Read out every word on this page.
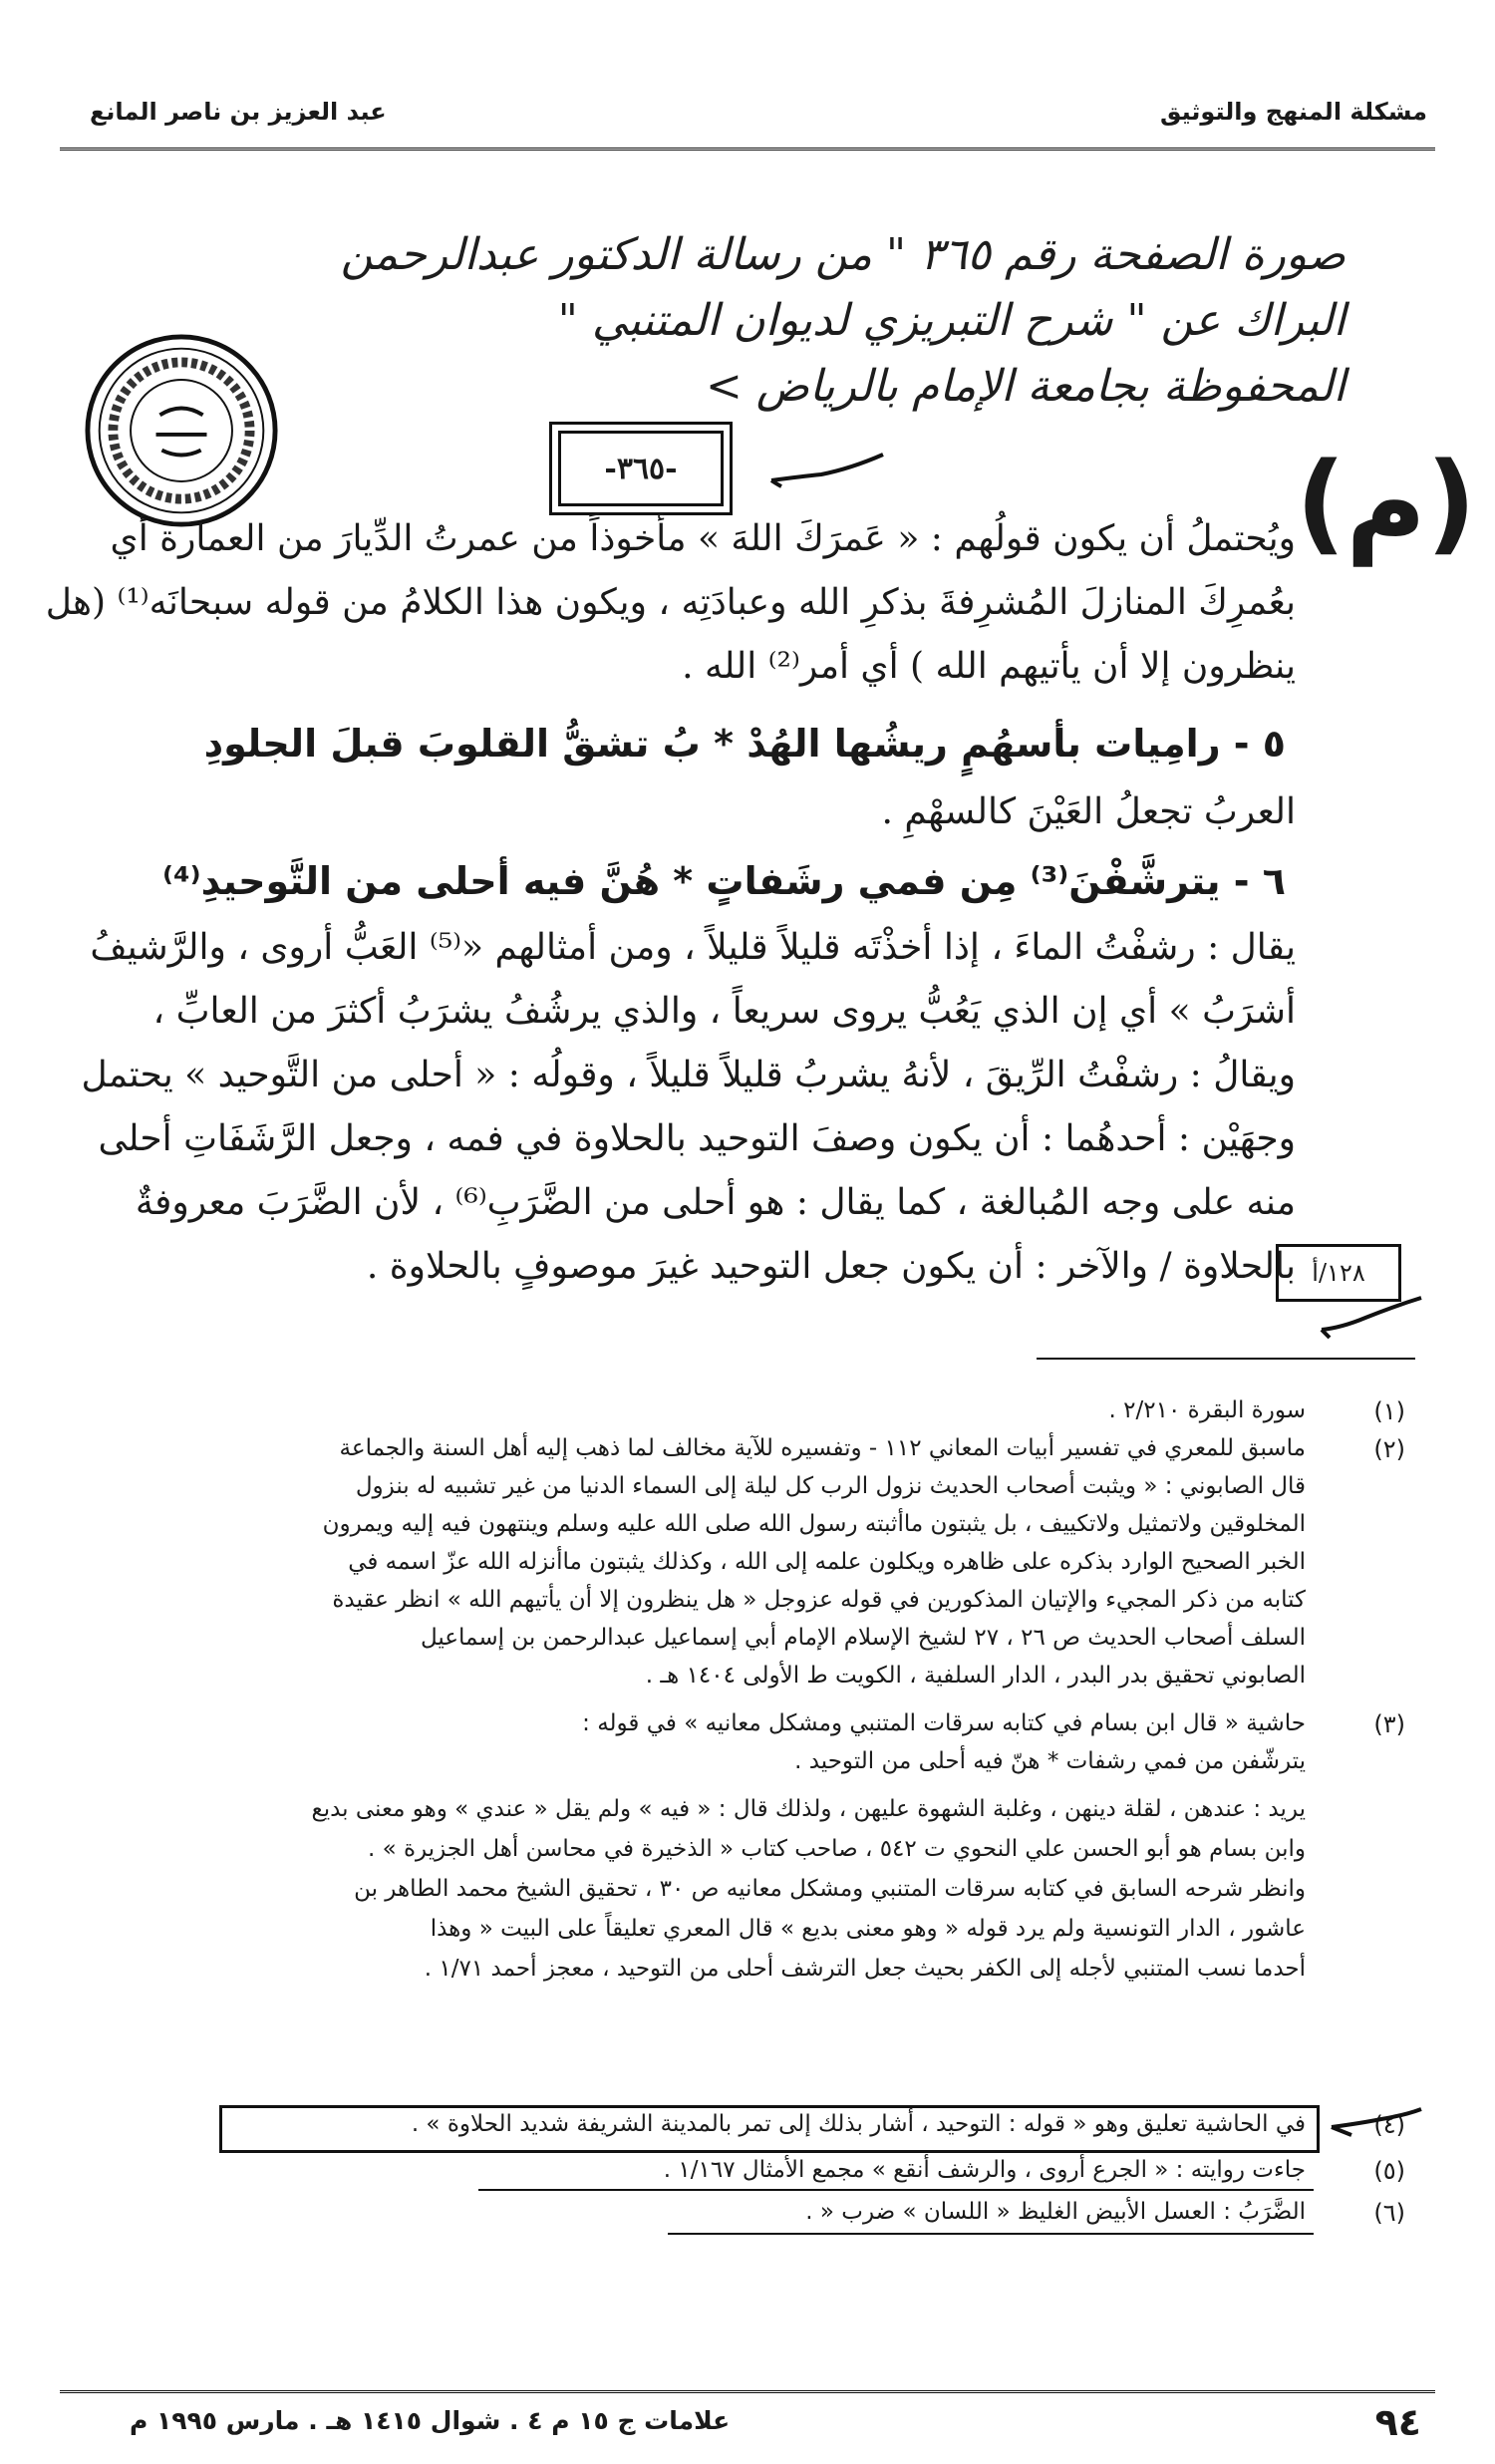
مشكلة المنهج والتوثيق
عبد العزيز بن ناصر المانع
صورة الصفحة رقم ٣٦٥ " من رسالة الدكتور عبدالرحمن
البراك عن " شرح التبريزي لديوان المتنبي "
المحفوظة بجامعة الإمام بالرياض >
(م)
-٣٦٥-
ويُحتملُ أن يكون قولُهم : « عَمرَكَ اللهَ » مأخوذاً من عمرتُ الدِّيارَ من العمارة أي
بعُمرِكَ المنازلَ المُشرِفةَ بذكرِ الله وعبادَتِه ، ويكون هذا الكلامُ من قوله سبحانَه⁽¹⁾ (هل
ينظرون إلا أن يأتيهم الله ) أي أمر⁽²⁾ الله .
٥ - رامِيات بأسهُمٍ ريشُها الهُدْ * بُ تشقُّ القلوبَ قبلَ الجلودِ
العربُ تجعلُ العَيْنَ كالسهْمِ .
٦ - يترشَّفْنَ⁽³⁾ مِن فمي رشَفاتٍ * هُنَّ فيه أحلى من التَّوحيدِ⁽⁴⁾
يقال : رشفْتُ الماءَ ، إذا أخذْتَه قليلاً قليلاً ، ومن أمثالهم «⁽⁵⁾ العَبُّ أروى ، والرَّشيفُ
أشرَبُ » أي إن الذي يَعُبُّ يروى سريعاً ، والذي يرشُفُ يشرَبُ أكثرَ من العابِّ ،
ويقالُ : رشفْتُ الرِّيقَ ، لأنهُ يشربُ قليلاً قليلاً ، وقولُه : « أحلى من التَّوحيد » يحتمل
وجهَيْن : أحدهُما : أن يكون وصفَ التوحيد بالحلاوة في فمه ، وجعل الرَّشَفَاتِ أحلى
منه على وجه المُبالغة ، كما يقال : هو أحلى من الضَّرَبِ⁽⁶⁾ ، لأن الضَّرَبَ معروفةٌ
بالحلاوة / والآخر : أن يكون جعل التوحيد غيرَ موصوفٍ بالحلاوة . ١٢٨/أ
(١)
سورة البقرة ٢/٢١٠ .
(٢)
ماسبق للمعري في تفسير أبيات المعاني ١١٢ - وتفسيره للآية مخالف لما ذهب إليه أهل السنة والجماعة
قال الصابوني : « ويثبت أصحاب الحديث نزول الرب كل ليلة إلى السماء الدنيا من غير تشبيه له بنزول
المخلوقين ولاتمثيل ولاتكييف ، بل يثبتون ماأثبته رسول الله صلى الله عليه وسلم وينتهون فيه إليه ويمرون
الخبر الصحيح الوارد بذكره على ظاهره ويكلون علمه إلى الله ، وكذلك يثبتون ماأنزله الله عزّ اسمه في
كتابه من ذكر المجيء والإتيان المذكورين في قوله عزوجل « هل ينظرون إلا أن يأتيهم الله » انظر عقيدة
السلف أصحاب الحديث ص ٢٦ ، ٢٧ لشيخ الإسلام الإمام أبي إسماعيل عبدالرحمن بن إسماعيل
الصابوني تحقيق بدر البدر ، الدار السلفية ، الكويت ط الأولى ١٤٠٤ هـ .
(٣)
حاشية « قال ابن بسام في كتابه سرقات المتنبي ومشكل معانيه » في قوله :
يترشّفن من فمي رشفات * هنّ فيه أحلى من التوحيد .
يريد : عندهن ، لقلة دينهن ، وغلبة الشهوة عليهن ، ولذلك قال : « فيه » ولم يقل « عندي » وهو معنى بديع
وابن بسام هو أبو الحسن علي النحوي ت ٥٤٢ ، صاحب كتاب « الذخيرة في محاسن أهل الجزيرة » .
وانظر شرحه السابق في كتابه سرقات المتنبي ومشكل معانيه ص ٣٠ ، تحقيق الشيخ محمد الطاهر بن
عاشور ، الدار التونسية ولم يرد قوله « وهو معنى بديع » قال المعري تعليقاً على البيت « وهذا
أحدما نسب المتنبي لأجله إلى الكفر بحيث جعل الترشف أحلى من التوحيد ، معجز أحمد ١/٧١ .
(٤)
في الحاشية تعليق وهو « قوله : التوحيد ، أشار بذلك إلى تمر بالمدينة الشريفة شديد الحلاوة » .
(٥)
جاءت روايته : « الجرع أروى ، والرشف أنقع » مجمع الأمثال ١/١٦٧ .
(٦)
الضَّرَبُ : العسل الأبيض الغليظ « اللسان » ضرب « .
علامات ج ١٥ م ٤ . شوال ١٤١٥ هـ . مارس ١٩٩٥ م	٩٤
